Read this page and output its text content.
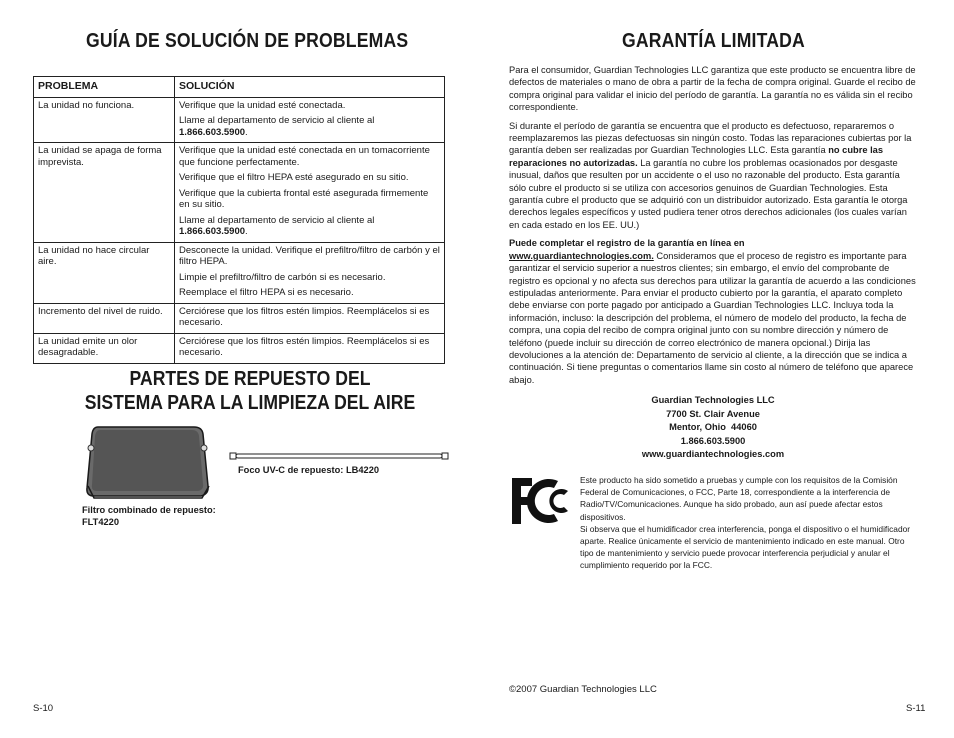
GUÍA DE SOLUCIÓN DE PROBLEMAS
PROBLEMA	SOLUCIÓN
La unidad no funciona.	Verifique que la unidad esté conectada.

Llame al departamento de servicio al cliente al 1.866.603.5900.

La unidad se apaga de forma imprevista.	Verifique que la unidad esté conectada en un tomacorriente que funcione perfectamente.

Verifique que el filtro HEPA esté asegurado en su sitio.

Verifique que la cubierta frontal esté asegurada firmemente en su sitio.

Llame al departamento de servicio al cliente al 1.866.603.5900.

La unidad no hace circular aire.	Desconecte la unidad. Verifique el prefiltro/filtro de carbón y el filtro HEPA.

Limpie el prefiltro/filtro de carbón si es necesario.

Reemplace el filtro HEPA si es necesario.

Incremento del nivel de ruido.	Cerciórese que los filtros estén limpios. Reemplácelos si es necesario.

La unidad emite un olor desagradable.	Cerciórese que los filtros estén limpios. Reemplácelos si es necesario.

PARTES DE REPUESTO DEL
SISTEMA PARA LA LIMPIEZA DEL AIRE
Filtro combinado de repuesto:
FLT4220
Foco UV-C de repuesto: LB4220
S-10
GARANTÍA LIMITADA

Para el consumidor, Guardian Technologies LLC garantiza que este producto se encuentra libre de defectos de materiales o mano de obra a partir de la fecha de compra original. Guarde el recibo de compra original para validar el inicio del período de garantía. La garantía no es válida sin el recibo correspondiente.

Si durante el período de garantía se encuentra que el producto es defectuoso, repararemos o reemplazaremos las piezas defectuosas sin ningún costo. Todas las reparaciones cubiertas por la garantía deben ser realizadas por Guardian Technologies LLC. Esta garantía no cubre las reparaciones no autorizadas. La garantía no cubre los problemas ocasionados por desgaste inusual, daños que resulten por un accidente o el uso no razonable del producto. Esta garantía sólo cubre el producto si se utiliza con accesorios genuinos de Guardian Technologies. Esta garantía cubre el producto que se adquirió con un distribuidor autorizado. Esta garantía le otorga derechos legales específicos y usted pudiera tener otros derechos adicionales (los cuales varían en cada estado en los EE. UU.)

Puede completar el registro de la garantía en línea en
www.guardiantechnologies.com. Consideramos que el proceso de registro es importante para garantizar el servicio superior a nuestros clientes; sin embargo, el envío del comprobante de registro es opcional y no afecta sus derechos para utilizar la garantía de acuerdo a las condiciones estipuladas anteriormente. Para enviar el producto cubierto por la garantía, el aparato completo debe enviarse con porte pagado por anticipado a Guardian Technologies LLC. Incluya toda la información, incluso: la descripción del problema, el número de modelo del producto, la fecha de compra, una copia del recibo de compra original junto con su nombre dirección y número de teléfono (puede incluir su dirección de correo electrónico de manera opcional.) Dirija las devoluciones a la atención de: Departamento de servicio al cliente, a la dirección que se indica a continuación. Si tiene preguntas o comentarios llame sin costo al número de teléfono que aparece abajo.

Guardian Technologies LLC
7700 St. Clair Avenue
Mentor, Ohio  44060
1.866.603.5900
www.guardiantechnologies.com

Este producto ha sido sometido a pruebas y cumple con los requisitos de la Comisión Federal de Comunicaciones, o FCC, Parte 18, correspondiente a la interferencia de Radio/TV/Comunicaciones. Aunque ha sido probado, aun así puede afectar estos dispositivos.

Si observa que el humidificador crea interferencia, ponga el dispositivo o el humidificador aparte. Realice únicamente el servicio de mantenimiento indicado en este manual. Otro tipo de mantenimiento y servicio puede provocar interferencia perjudicial y anular el cumplimiento requerido por la FCC.

©2007 Guardian Technologies LLC
S-11
